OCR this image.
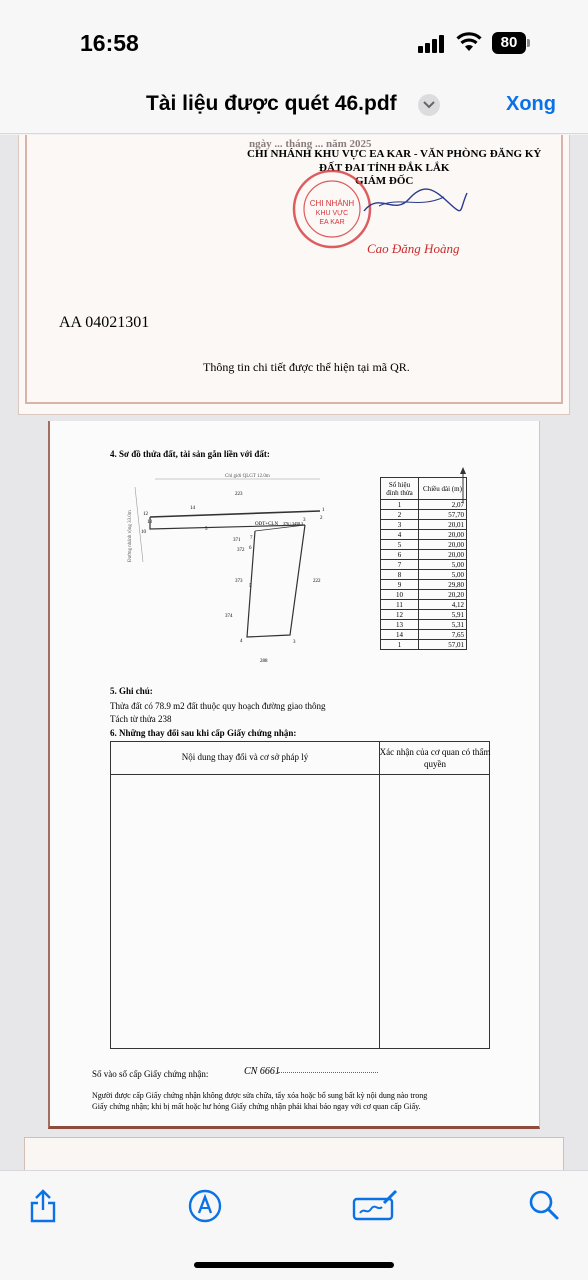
16:58	80
Tài liệu được quét 46.pdf	Xong
ngày ... tháng ... năm 2025
CHI NHÁNH KHU VỰC EA KAR - VĂN PHÒNG ĐĂNG KÝ
ĐẤT ĐAI TỈNH ĐẮK LẮK
GIÁM ĐỐC
CHI NHÁNH
KHU VỰC
EA KAR
Cao Đăng Hoàng
AA 04021301
Thông tin chi tiết được thể hiện tại mã QR.
4. Sơ đồ thửa đất, tài sản gắn liền với đất:
Chỉ giới QLGT 12.0m
Đường nhánh rộng 33.0m
223
222
288
371
372
373
374
ODT+CLN 376 / 3458.3
12
13
10
14	1
2
5
7
6
5
4	3
3
Số hiệu đỉnh thửa	Chiều dài (m)
1	2,07
2	57,70
3	20,01
4	20,00
5	20,00
6	20,00
7	5,00
8	5,00
9	29,80
10	20,20
11	4,12
12	5,91
13	5,31
14	7,65
1	57,01
5. Ghi chú:
Thửa đất có 78.9 m2 đất thuộc quy hoạch đường giao thông
Tách từ thửa 238
6. Những thay đổi sau khi cấp Giấy chứng nhận:
Nội dung thay đổi và cơ sở pháp lý	Xác nhận của cơ quan có thẩm quyền
Số vào sổ cấp Giấy chứng nhận:	CN 6661
Người được cấp Giấy chứng nhận không được sửa chữa, tẩy xóa hoặc bổ sung bất kỳ nội dung nào trong
Giấy chứng nhận; khi bị mất hoặc hư hỏng Giấy chứng nhận phải khai báo ngay với cơ quan cấp Giấy.
